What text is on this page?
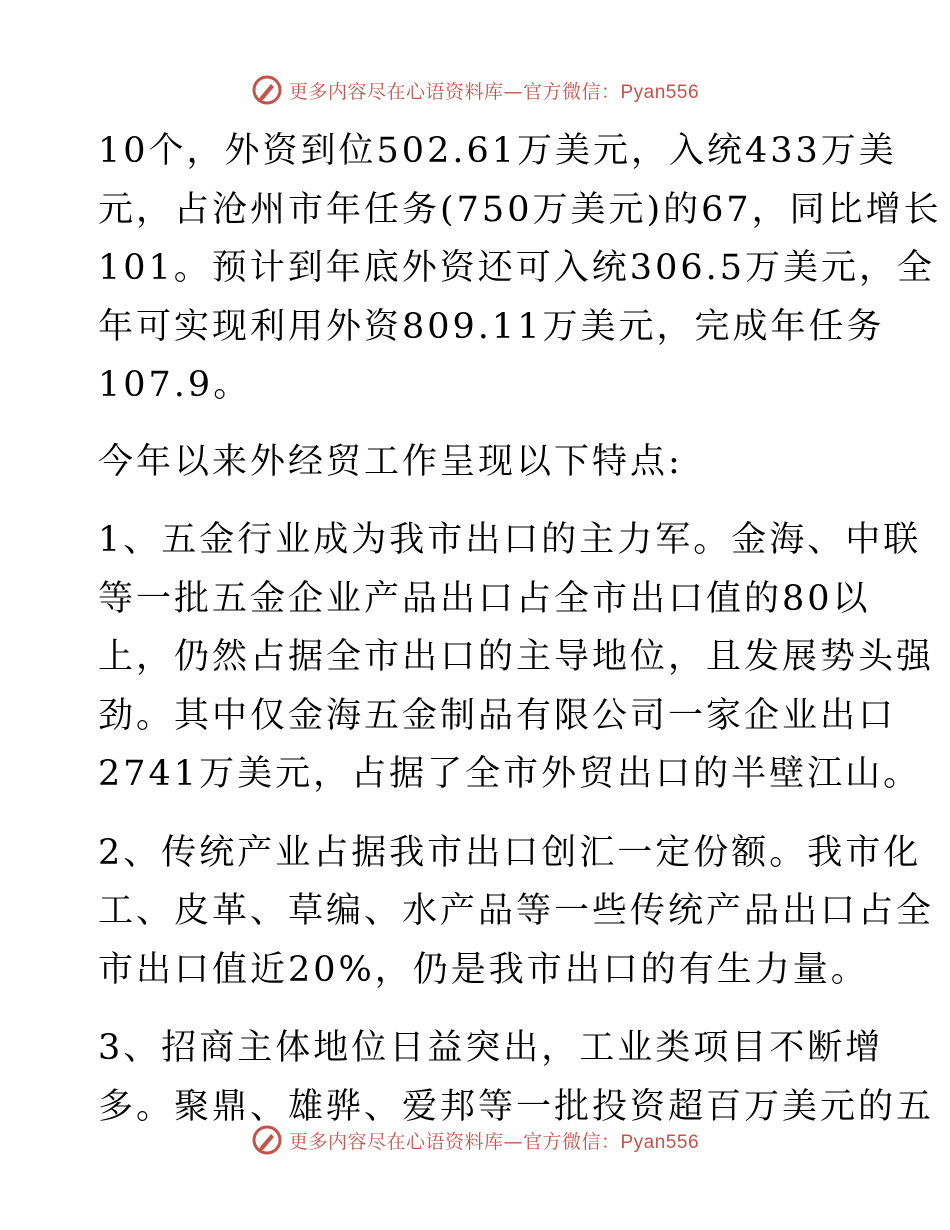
更多内容尽在心语资料库—官方微信：Pyan556
10个，外资到位502.61万美元，入统433万美
元，占沧州市年任务(750万美元)的67，同比增长
101。预计到年底外资还可入统306.5万美元，全
年可实现利用外资809.11万美元，完成年任务
107.9。
今年以来外经贸工作呈现以下特点:
1、五金行业成为我市出口的主力军。金海、中联
等一批五金企业产品出口占全市出口值的80以
上，仍然占据全市出口的主导地位，且发展势头强
劲。其中仅金海五金制品有限公司一家企业出口
2741万美元，占据了全市外贸出口的半壁江山。
2、传统产业占据我市出口创汇一定份额。我市化
工、皮革、草编、水产品等一些传统产品出口占全
市出口值近20%，仍是我市出口的有生力量。
3、招商主体地位日益突出，工业类项目不断增
多。聚鼎、雄骅、爱邦等一批投资超百万美元的五
更多内容尽在心语资料库—官方微信：Pyan556
